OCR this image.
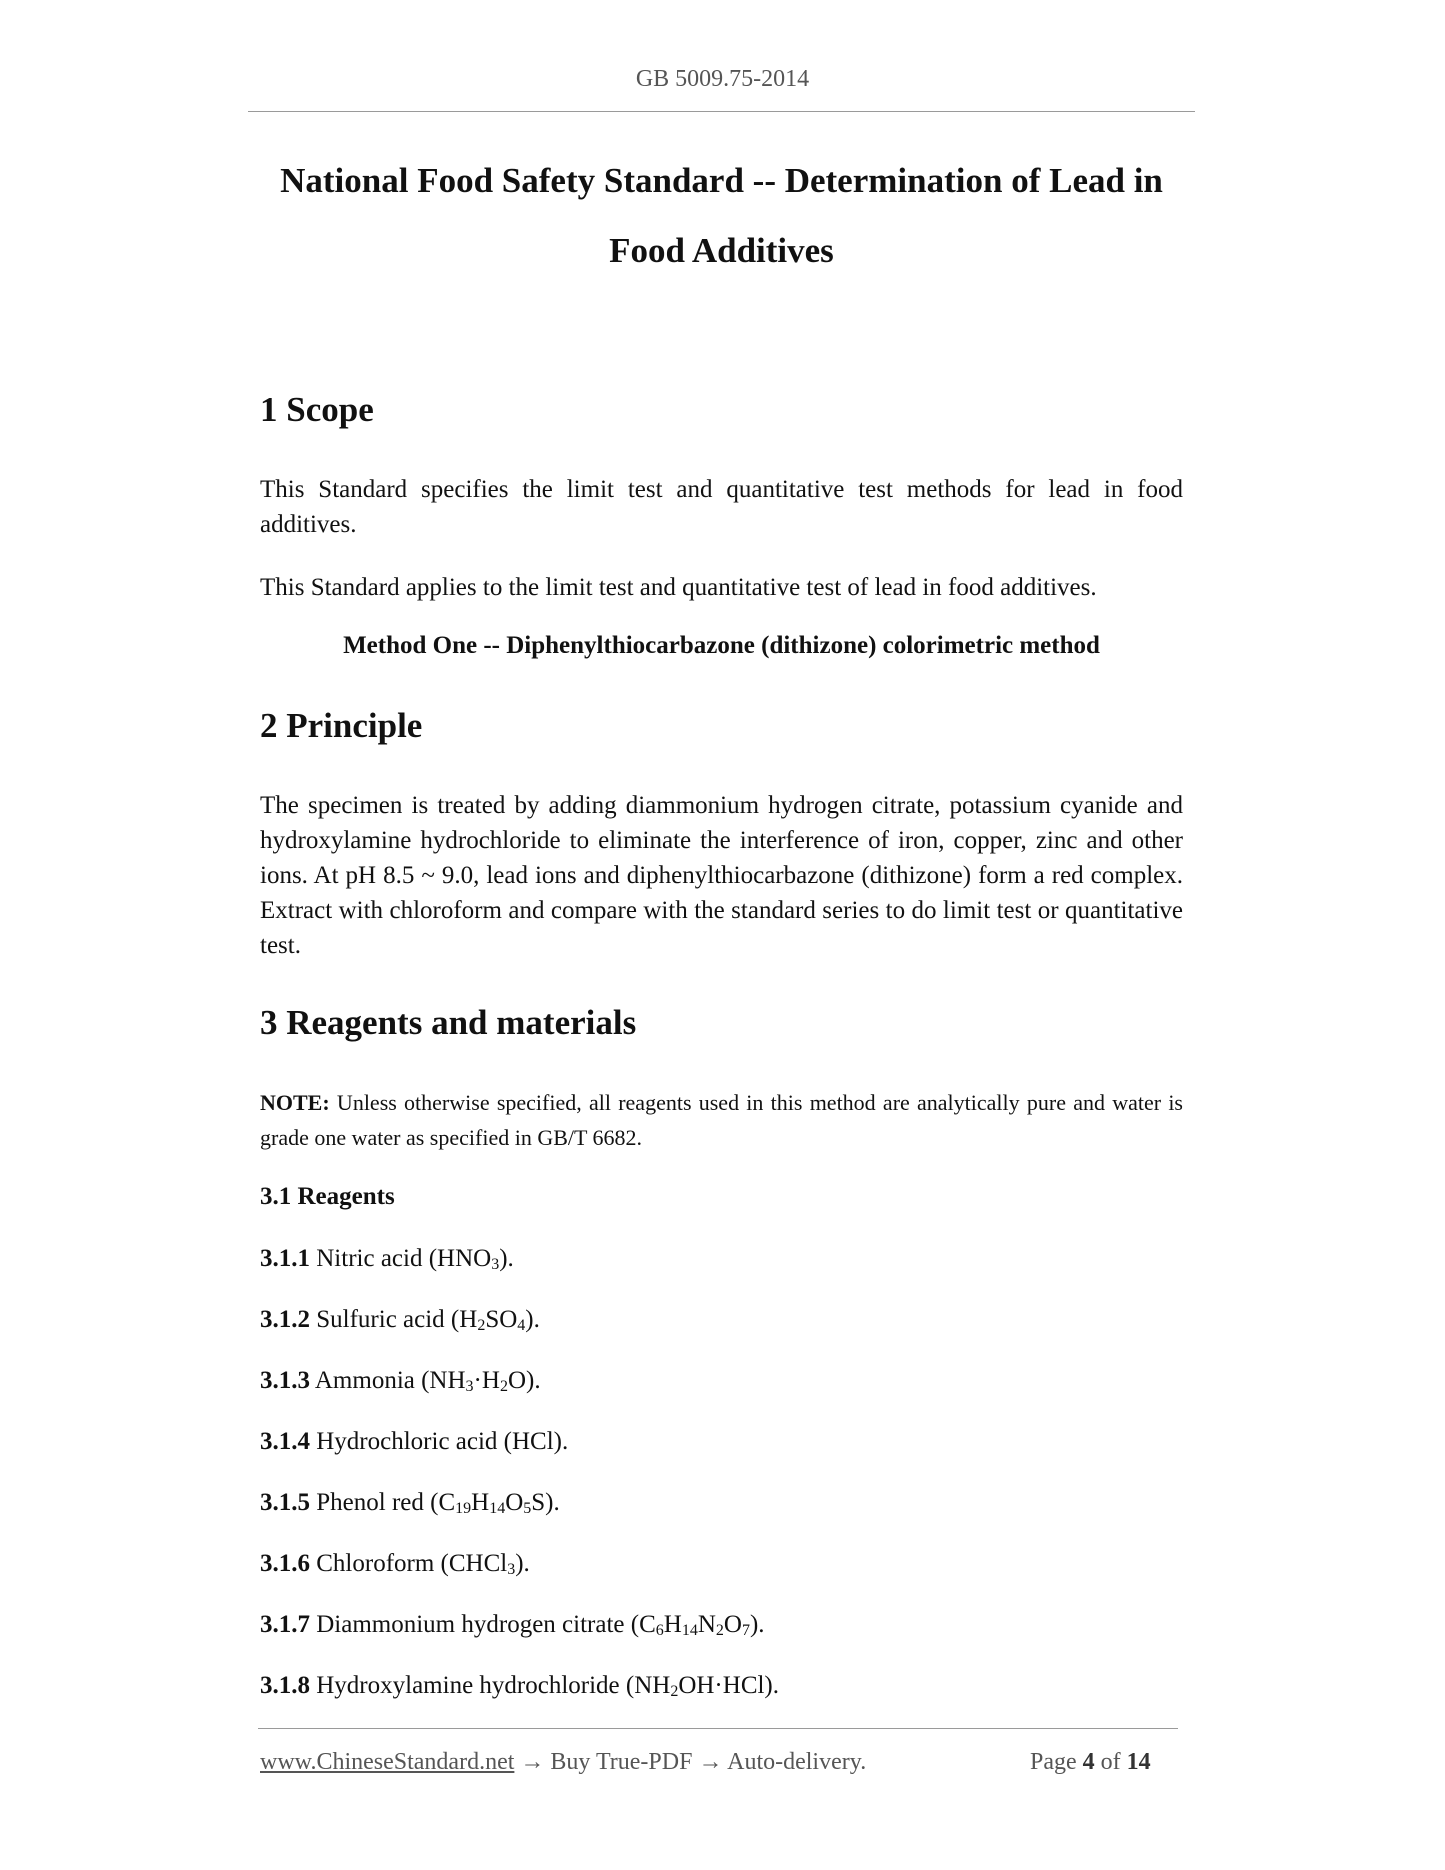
GB 5009.75-2014
National Food Safety Standard -- Determination of Lead in
Food Additives
1 Scope
This Standard specifies the limit test and quantitative test methods for lead in food additives.
This Standard applies to the limit test and quantitative test of lead in food additives.
Method One -- Diphenylthiocarbazone (dithizone) colorimetric method
2 Principle
The specimen is treated by adding diammonium hydrogen citrate, potassium cyanide and hydroxylamine hydrochloride to eliminate the interference of iron, copper, zinc and other ions. At pH 8.5 ~ 9.0, lead ions and diphenylthiocarbazone (dithizone) form a red complex. Extract with chloroform and compare with the standard series to do limit test or quantitative test.
3 Reagents and materials
NOTE: Unless otherwise specified, all reagents used in this method are analytically pure and water is grade one water as specified in GB/T 6682.
3.1 Reagents
3.1.1 Nitric acid $(HNO_3)$.
3.1.2 Sulfuric acid $(H_2SO_4)$.
3.1.3 Ammonia $(NH_3\cdot H_2O)$.
3.1.4 Hydrochloric acid (HCl).
3.1.5 Phenol red $(C_{19}H_{14}O_5S)$.
3.1.6 Chloroform (CHCl$_3$).
3.1.7 Diammonium hydrogen citrate $(C_6H_{14}N_2O_7)$.
3.1.8 Hydroxylamine hydrochloride $(NH_2OH\cdot HCl)$.
www.ChineseStandard.net → Buy True-PDF → Auto-delivery.	Page 4 of 14
